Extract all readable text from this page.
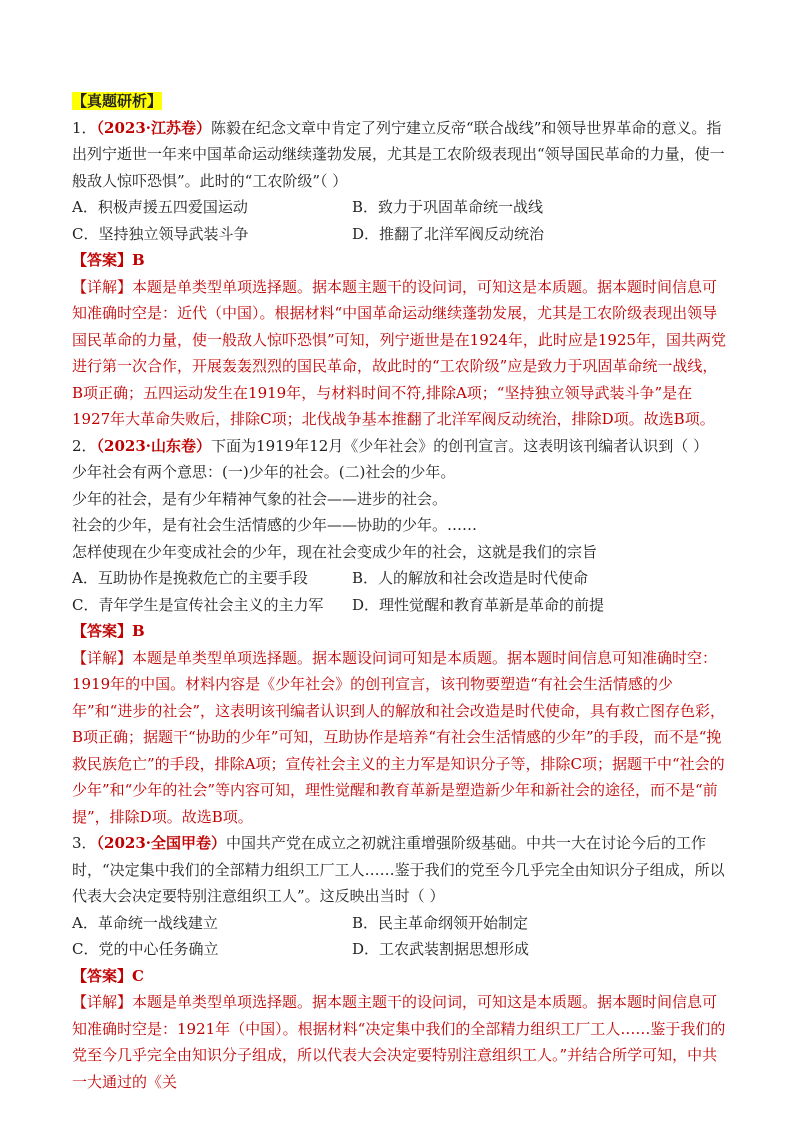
【真题研析】

1．（2023·江苏卷）陈毅在纪念文章中肯定了列宁建立反帝“联合战线”和领导世界革命的意义。指出列宁逝世一年来中国革命运动继续蓬勃发展，尤其是工农阶级表现出“领导国民革命的力量，使一般敌人惊吓恐惧”。此时的“工农阶级”（ ）

A．积极声援五四爱国运动	B．致力于巩固革命统一战线
C．坚持独立领导武装斗争	D．推翻了北洋军阀反动统治

【答案】B

【详解】本题是单类型单项选择题。据本题主题干的设问词，可知这是本质题。据本题时间信息可知准确时空是：近代（中国）。根据材料“中国革命运动继续蓬勃发展，尤其是工农阶级表现出领导国民革命的力量，使一般敌人惊吓恐惧”可知，列宁逝世是在1924年，此时应是1925年，国共两党进行第一次合作，开展轰轰烈烈的国民革命，故此时的“工农阶级”应是致力于巩固革命统一战线，B项正确；五四运动发生在1919年，与材料时间不符,排除A项；“坚持独立领导武装斗争”是在1927年大革命失败后，排除C项；北伐战争基本推翻了北洋军阀反动统治，排除D项。故选B项。

2．（2023·山东卷）下面为1919年12月《少年社会》的创刊宣言。这表明该刊编者认识到（ ）

少年社会有两个意思：(一)少年的社会。(二)社会的少年。

少年的社会，是有少年精神气象的社会——进步的社会。

社会的少年，是有社会生活情感的少年——协助的少年。……

怎样使现在少年变成社会的少年，现在社会变成少年的社会，这就是我们的宗旨

A．互助协作是挽救危亡的主要手段	B．人的解放和社会改造是时代使命
C．青年学生是宣传社会主义的主力军	D．理性觉醒和教育革新是革命的前提

【答案】B

【详解】本题是单类型单项选择题。据本题设问词可知是本质题。据本题时间信息可知准确时空：1919年的中国。材料内容是《少年社会》的创刊宣言，该刊物要塑造“有社会生活情感的少年”和“进步的社会”，这表明该刊编者认识到人的解放和社会改造是时代使命，具有救亡图存色彩，B项正确；据题干“协助的少年”可知，互助协作是培养“有社会生活情感的少年”的手段，而不是“挽救民族危亡”的手段，排除A项；宣传社会主义的主力军是知识分子等，排除C项；据题干中“社会的少年”和“少年的社会”等内容可知，理性觉醒和教育革新是塑造新少年和新社会的途径，而不是“前提”，排除D项。故选B项。

3．（2023·全国甲卷）中国共产党在成立之初就注重增强阶级基础。中共一大在讨论今后的工作时，“决定集中我们的全部精力组织工厂工人……鉴于我们的党至今几乎完全由知识分子组成，所以代表大会决定要特别注意组织工人”。这反映出当时（ ）

A．革命统一战线建立	B．民主革命纲领开始制定
C．党的中心任务确立	D．工农武装割据思想形成

【答案】C

【详解】本题是单类型单项选择题。据本题主题干的设问词，可知这是本质题。据本题时间信息可知准确时空是：1921年（中国）。根据材料“决定集中我们的全部精力组织工厂工人……鉴于我们的党至今几乎完全由知识分子组成，所以代表大会决定要特别注意组织工人。”并结合所学可知，中共一大通过的《关
